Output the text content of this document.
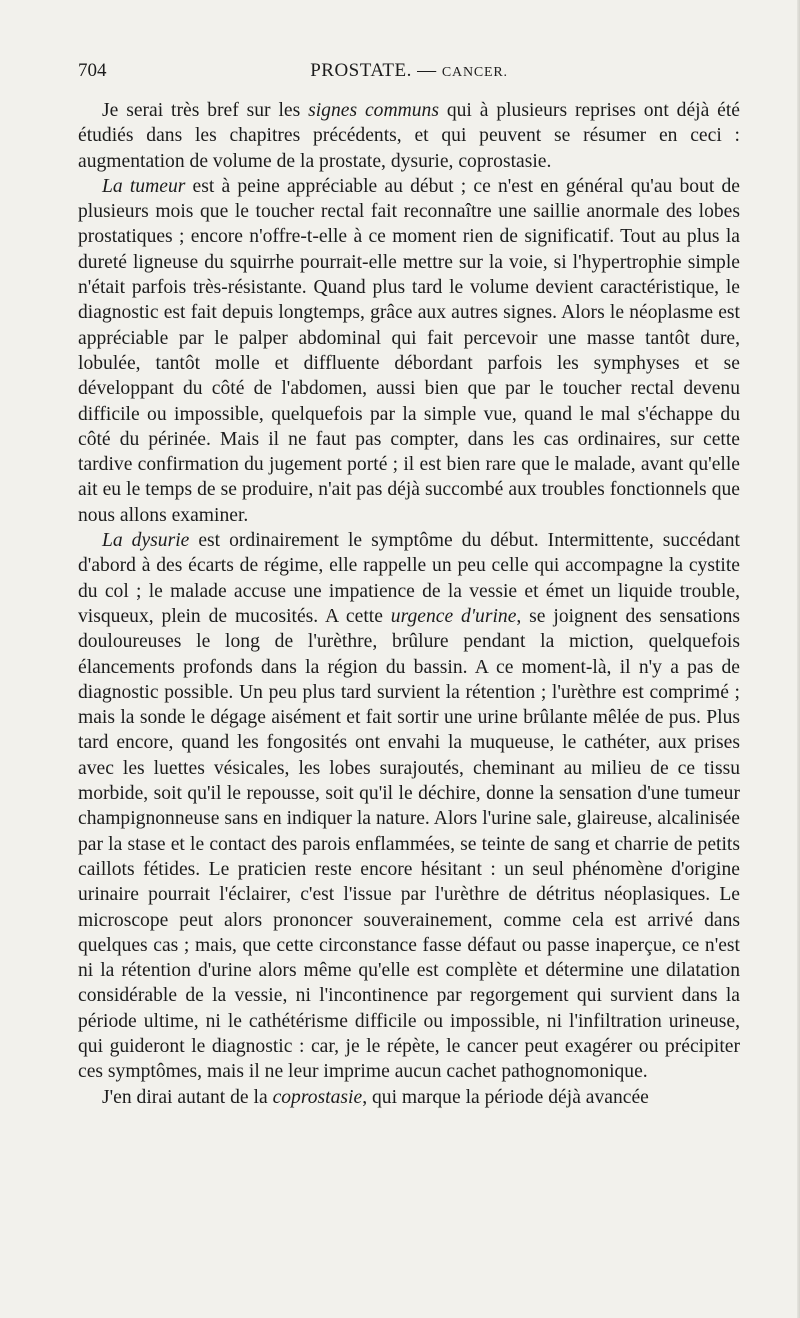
704	PROSTATE. — CANCER.

Je serai très bref sur les signes communs qui à plusieurs reprises ont déjà été étudiés dans les chapitres précédents, et qui peuvent se résumer en ceci : augmentation de volume de la prostate, dysurie, coprostasie.

La tumeur est à peine appréciable au début ; ce n'est en général qu'au bout de plusieurs mois que le toucher rectal fait reconnaître une saillie anormale des lobes prostatiques ; encore n'offre-t-elle à ce moment rien de significatif. Tout au plus la dureté ligneuse du squirrhe pourrait-elle mettre sur la voie, si l'hypertrophie simple n'était parfois très-résistante. Quand plus tard le volume devient caractéristique, le diagnostic est fait depuis longtemps, grâce aux autres signes. Alors le néoplasme est appréciable par le palper abdominal qui fait percevoir une masse tantôt dure, lobulée, tantôt molle et diffluente débordant parfois les symphyses et se développant du côté de l'abdomen, aussi bien que par le toucher rectal devenu difficile ou impossible, quelquefois par la simple vue, quand le mal s'échappe du côté du périnée. Mais il ne faut pas compter, dans les cas ordinaires, sur cette tardive confirmation du jugement porté ; il est bien rare que le malade, avant qu'elle ait eu le temps de se produire, n'ait pas déjà succombé aux troubles fonctionnels que nous allons examiner.

La dysurie est ordinairement le symptôme du début. Intermittente, succédant d'abord à des écarts de régime, elle rappelle un peu celle qui accompagne la cystite du col ; le malade accuse une impatience de la vessie et émet un liquide trouble, visqueux, plein de mucosités. A cette urgence d'urine, se joignent des sensations douloureuses le long de l'urèthre, brûlure pendant la miction, quelquefois élancements profonds dans la région du bassin. A ce moment-là, il n'y a pas de diagnostic possible. Un peu plus tard survient la rétention ; l'urèthre est comprimé ; mais la sonde le dégage aisément et fait sortir une urine brûlante mêlée de pus. Plus tard encore, quand les fongosités ont envahi la muqueuse, le cathéter, aux prises avec les luettes vésicales, les lobes surajoutés, cheminant au milieu de ce tissu morbide, soit qu'il le repousse, soit qu'il le déchire, donne la sensation d'une tumeur champignonneuse sans en indiquer la nature. Alors l'urine sale, glaireuse, alcalinisée par la stase et le contact des parois enflammées, se teinte de sang et charrie de petits caillots fétides. Le praticien reste encore hésitant : un seul phénomène d'origine urinaire pourrait l'éclairer, c'est l'issue par l'urèthre de détritus néoplasiques. Le microscope peut alors prononcer souverainement, comme cela est arrivé dans quelques cas ; mais, que cette circonstance fasse défaut ou passe inaperçue, ce n'est ni la rétention d'urine alors même qu'elle est complète et détermine une dilatation considérable de la vessie, ni l'incontinence par regorgement qui survient dans la période ultime, ni le cathétérisme difficile ou impossible, ni l'infiltration urineuse, qui guideront le diagnostic : car, je le répète, le cancer peut exagérer ou précipiter ces symptômes, mais il ne leur imprime aucun cachet pathognomonique.

J'en dirai autant de la coprostasie, qui marque la période déjà avancée
